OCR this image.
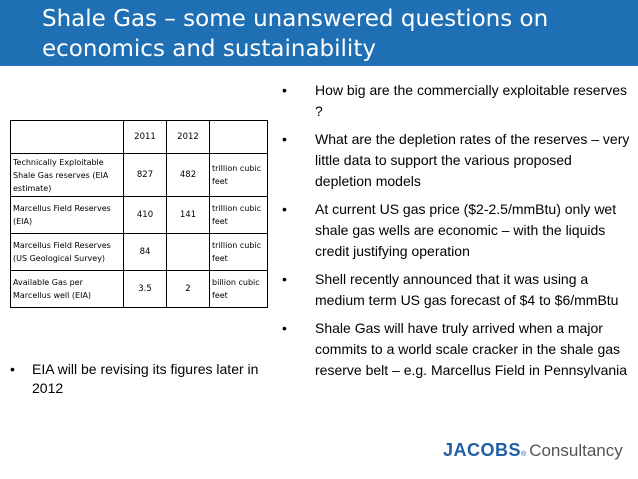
Shale Gas – some unanswered questions on
economics and sustainability
	2011	2012	
Technically Exploitable Shale Gas reserves (EIA estimate)	827	482	trillion cubic feet
Marcellus Field Reserves (EIA)	410	141	trillion cubic feet
Marcellus Field Reserves (US Geological Survey)	84		trillion cubic feet
Available Gas per Marcellus well (EIA)	3.5	2	billion cubic feet
•	EIA will be revising its figures later in 2012
•	How big are the commercially exploitable reserves ?
•	What are the depletion rates of the reserves – very little data to support the various proposed depletion models
•	At current US gas price ($2-2.5/mmBtu) only wet shale gas wells are economic – with the liquids credit justifying operation
•	Shell recently announced that it was using a medium term US gas forecast of $4 to $6/mmBtu
•	Shale Gas will have truly arrived when a major commits to a world scale cracker in the shale gas reserve belt – e.g. Marcellus Field in Pennsylvania
$JACOBS_®$ Consultancy
